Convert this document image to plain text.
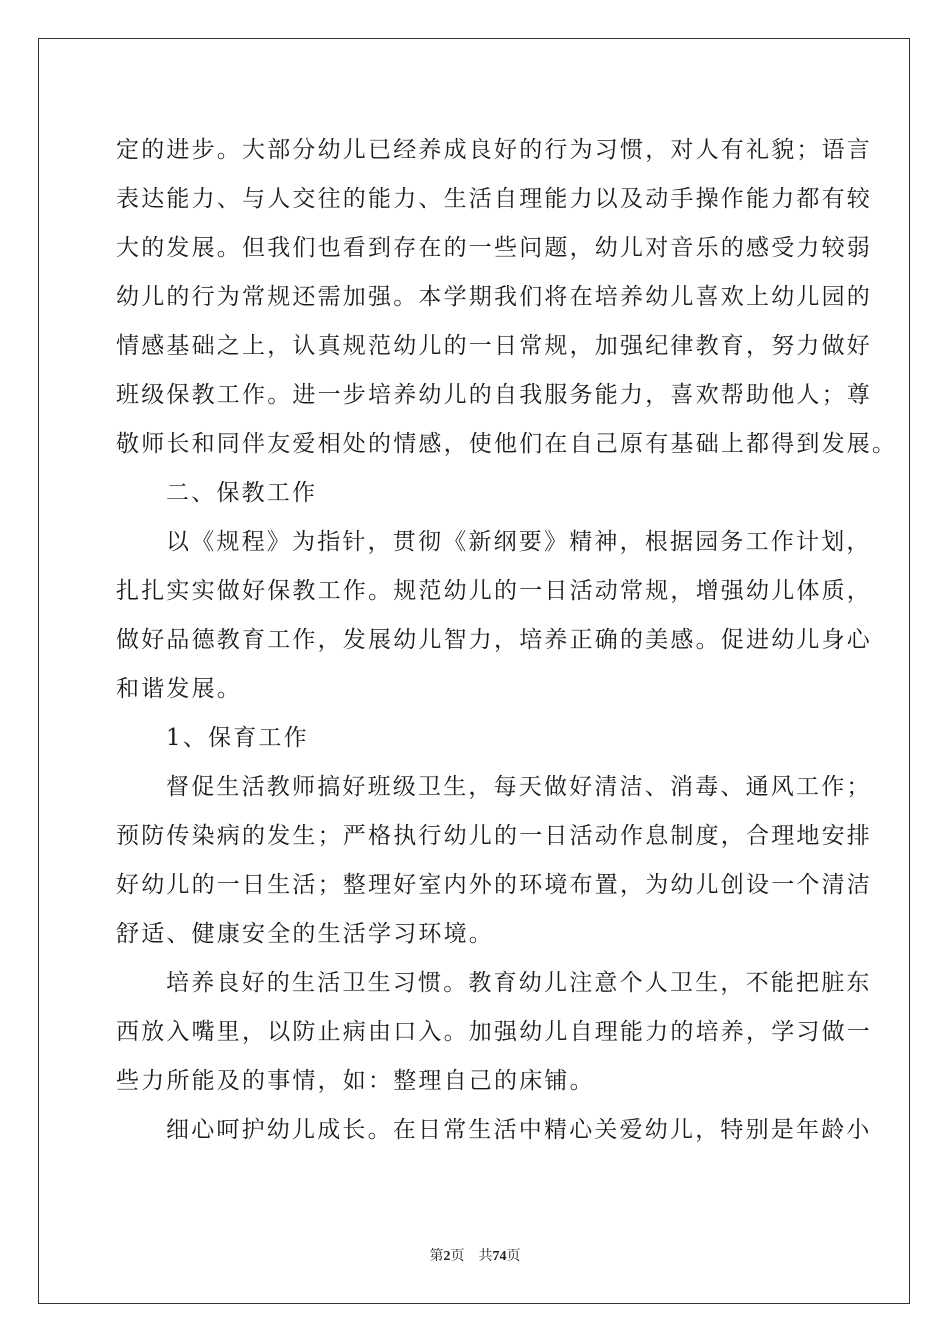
定的进步。大部分幼儿已经养成良好的行为习惯，对人有礼貌；语言
表达能力、与人交往的能力、生活自理能力以及动手操作能力都有较
大的发展。但我们也看到存在的一些问题，幼儿对音乐的感受力较弱
幼儿的行为常规还需加强。本学期我们将在培养幼儿喜欢上幼儿园的
情感基础之上，认真规范幼儿的一日常规，加强纪律教育，努力做好
班级保教工作。进一步培养幼儿的自我服务能力，喜欢帮助他人；尊
敬师长和同伴友爱相处的情感，使他们在自己原有基础上都得到发展。
二、保教工作
以《规程》为指针，贯彻《新纲要》精神，根据园务工作计划，
扎扎实实做好保教工作。规范幼儿的一日活动常规，增强幼儿体质，
做好品德教育工作，发展幼儿智力，培养正确的美感。促进幼儿身心
和谐发展。
1、保育工作
督促生活教师搞好班级卫生，每天做好清洁、消毒、通风工作；
预防传染病的发生；严格执行幼儿的一日活动作息制度，合理地安排
好幼儿的一日生活；整理好室内外的环境布置，为幼儿创设一个清洁
舒适、健康安全的生活学习环境。
培养良好的生活卫生习惯。教育幼儿注意个人卫生，不能把脏东
西放入嘴里，以防止病由口入。加强幼儿自理能力的培养，学习做一
些力所能及的事情，如：整理自己的床铺。
细心呵护幼儿成长。在日常生活中精心关爱幼儿，特别是年龄小
第2页 共74页
